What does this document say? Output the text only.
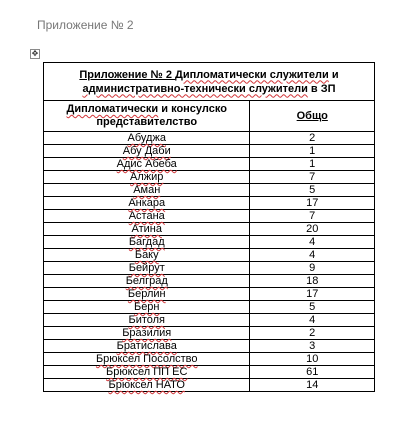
Приложение № 2
✥
Приложение № 2 Дипломатически служители и административно-технически служители в ЗП	
Дипломатически и консулско представителство	Общо
Абуджа	2
Абу Даби	1
Адис Абеба	1
Алжир	7
Аман	5
Анкара	17
Астана	7
Атина	20
Багдад	4
Баку	4
Бейрут	9
Белград	18
Берлин	17
Берн	5
Битоля	4
Бразилия	2
Братислава	3
Брюксел Посолство	10
Брюксел ПП ЕС	61
Брюксел НАТО	14
